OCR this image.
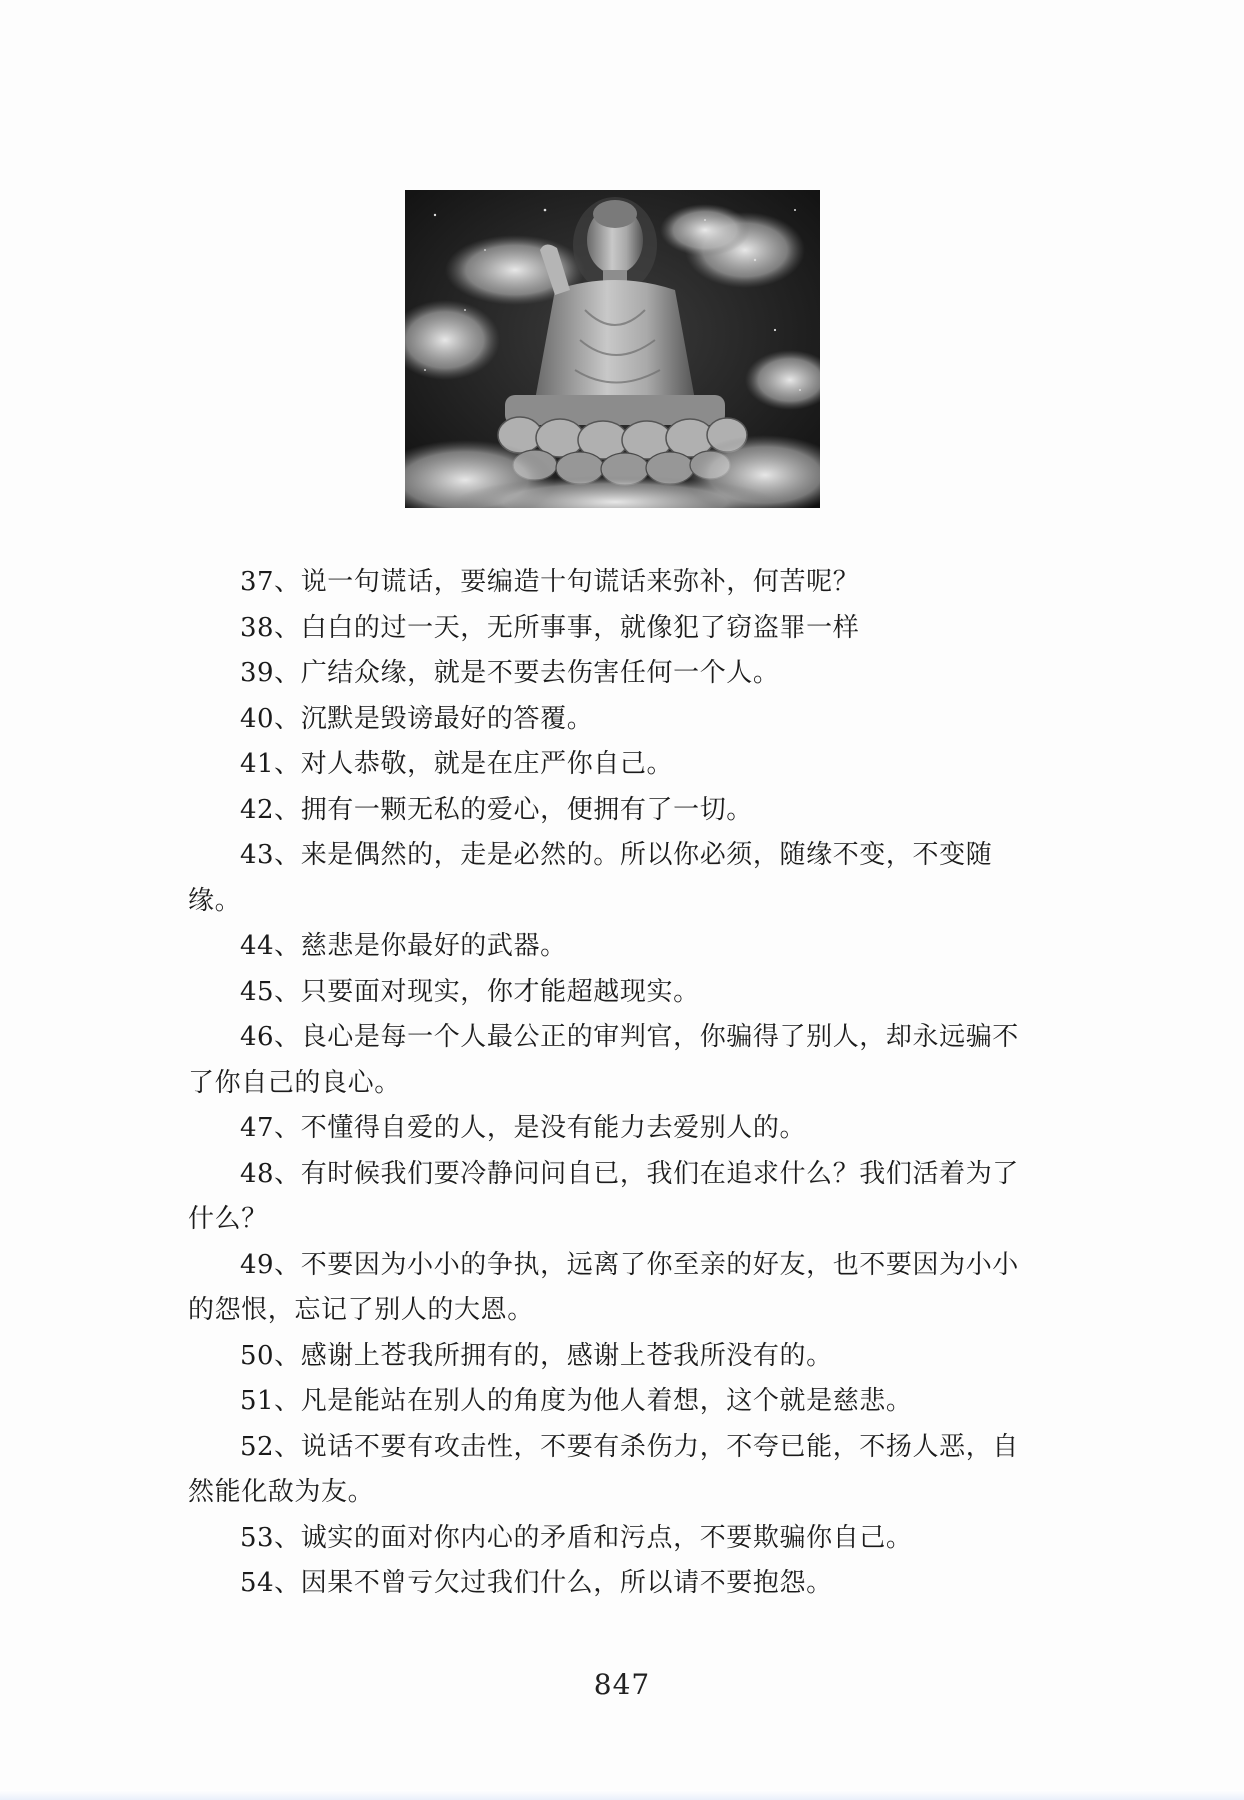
37、说一句谎话，要编造十句谎话来弥补，何苦呢？

38、白白的过一天，无所事事，就像犯了窃盗罪一样

39、广结众缘，就是不要去伤害任何一个人。

40、沉默是毁谤最好的答覆。

41、对人恭敬，就是在庄严你自己。

42、拥有一颗无私的爱心，便拥有了一切。

43、来是偶然的，走是必然的。所以你必须，随缘不变，不变随缘。

44、慈悲是你最好的武器。

45、只要面对现实，你才能超越现实。

46、良心是每一个人最公正的审判官，你骗得了别人，却永远骗不了你自己的良心。

47、不懂得自爱的人，是没有能力去爱别人的。

48、有时候我们要冷静问问自已，我们在追求什么？我们活着为了什么？

49、不要因为小小的争执，远离了你至亲的好友，也不要因为小小的怨恨，忘记了别人的大恩。

50、感谢上苍我所拥有的，感谢上苍我所没有的。

51、凡是能站在别人的角度为他人着想，这个就是慈悲。

52、说话不要有攻击性，不要有杀伤力，不夸已能，不扬人恶，自然能化敌为友。

53、诚实的面对你内心的矛盾和污点，不要欺骗你自己。

54、因果不曾亏欠过我们什么，所以请不要抱怨。

847
